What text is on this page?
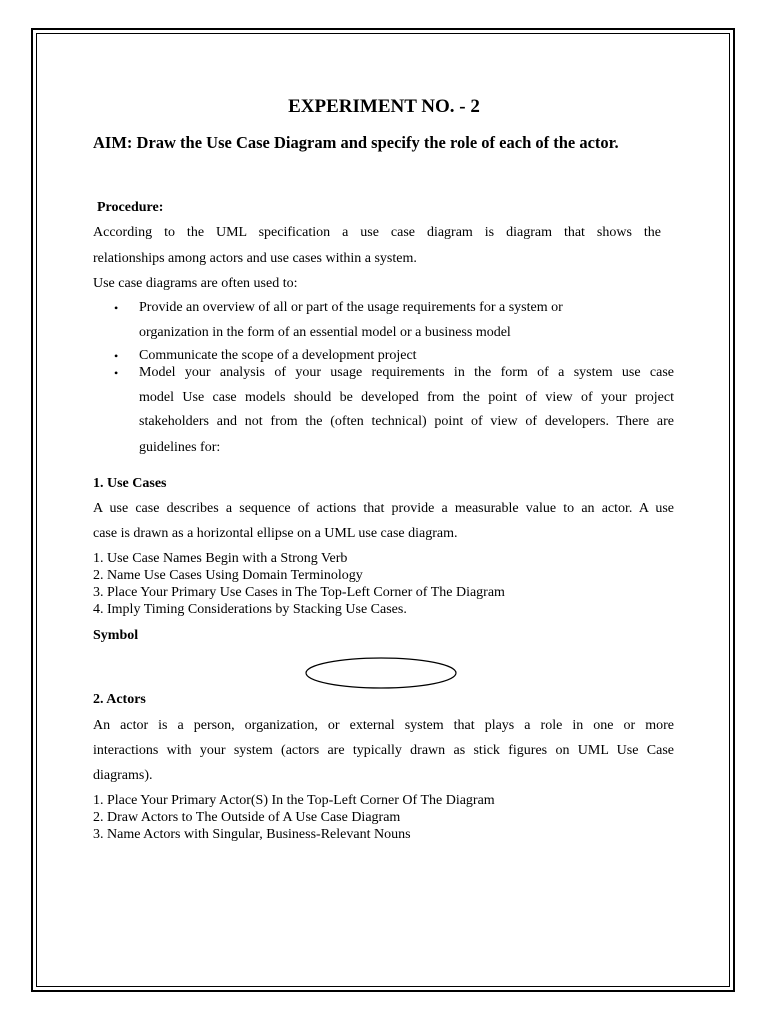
EXPERIMENT NO. - 2
AIM: Draw the Use Case Diagram and specify the role of each of the actor.
Procedure:
According to the UML specification a use case diagram is diagram that shows the
relationships among actors and use cases within a system.
Use case diagrams are often used to:
• Provide an overview of all or part of the usage requirements for a system or
organization in the form of an essential model or a business model
• Communicate the scope of a development project
• Model your analysis of your usage requirements in the form of a system use case
model Use case models should be developed from the point of view of your project
stakeholders and not from the (often technical) point of view of developers. There are
guidelines for:
1. Use Cases
A use case describes a sequence of actions that provide a measurable value to an actor. A use
case is drawn as a horizontal ellipse on a UML use case diagram.
1. Use Case Names Begin with a Strong Verb
2. Name Use Cases Using Domain Terminology
3. Place Your Primary Use Cases in The Top-Left Corner of The Diagram
4. Imply Timing Considerations by Stacking Use Cases.
Symbol
2. Actors
An actor is a person, organization, or external system that plays a role in one or more
interactions with your system (actors are typically drawn as stick figures on UML Use Case
diagrams).
1. Place Your Primary Actor(S) In the Top-Left Corner Of The Diagram
2. Draw Actors to The Outside of A Use Case Diagram
3. Name Actors with Singular, Business-Relevant Nouns
